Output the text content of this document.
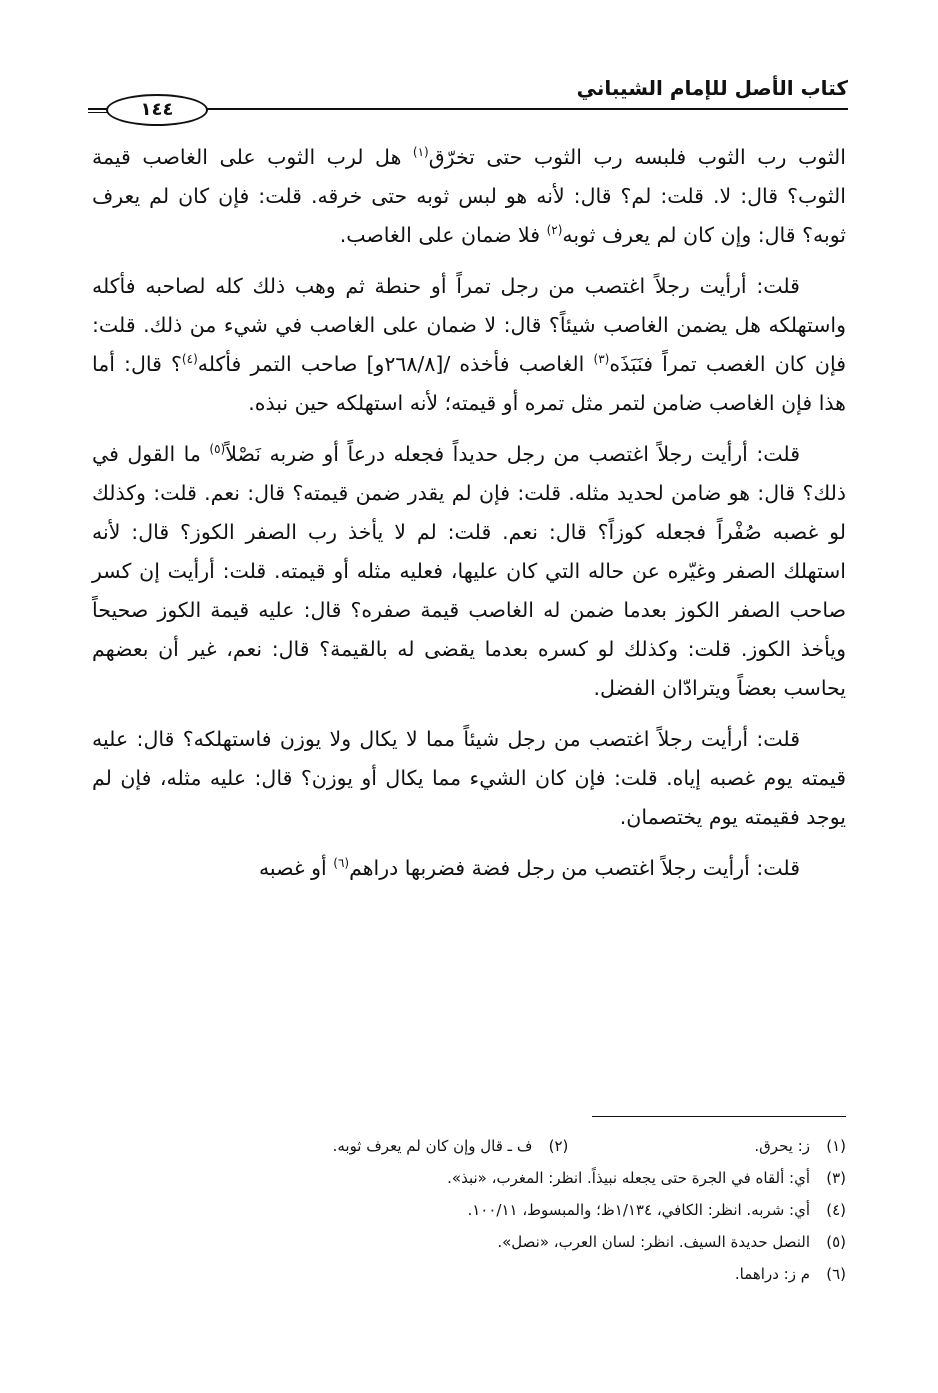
كتاب الأصل للإمام الشيباني
١٤٤

الثوب رب الثوب فلبسه رب الثوب حتى تخرّق$^{(١)}$ هل لرب الثوب على الغاصب قيمة الثوب؟ قال: لا. قلت: لم؟ قال: لأنه هو لبس ثوبه حتى خرقه. قلت: فإن كان لم يعرف ثوبه؟ قال: وإن كان لم يعرف ثوبه$^{(٢)}$ فلا ضمان على الغاصب.

قلت: أرأيت رجلاً اغتصب من رجل تمراً أو حنطة ثم وهب ذلك كله لصاحبه فأكله واستهلكه هل يضمن الغاصب شيئاً؟ قال: لا ضمان على الغاصب في شيء من ذلك. قلت: فإن كان الغصب تمراً فنَبَذَه$^{(٣)}$ الغاصب فأخذه /[٢٦٨/٨و] صاحب التمر فأكله$^{(٤)}$؟ قال: أما هذا فإن الغاصب ضامن لتمر مثل تمره أو قيمته؛ لأنه استهلكه حين نبذه.

قلت: أرأيت رجلاً اغتصب من رجل حديداً فجعله درعاً أو ضربه نَصْلاً$^{(٥)}$ ما القول في ذلك؟ قال: هو ضامن لحديد مثله. قلت: فإن لم يقدر ضمن قيمته؟ قال: نعم. قلت: وكذلك لو غصبه صُفْراً فجعله كوزاً؟ قال: نعم. قلت: لم لا يأخذ رب الصفر الكوز؟ قال: لأنه استهلك الصفر وغيّره عن حاله التي كان عليها، فعليه مثله أو قيمته. قلت: أرأيت إن كسر صاحب الصفر الكوز بعدما ضمن له الغاصب قيمة صفره؟ قال: عليه قيمة الكوز صحيحاً ويأخذ الكوز. قلت: وكذلك لو كسره بعدما يقضى له بالقيمة؟ قال: نعم، غير أن بعضهم يحاسب بعضاً ويترادّان الفضل.

قلت: أرأيت رجلاً اغتصب من رجل شيئاً مما لا يكال ولا يوزن فاستهلكه؟ قال: عليه قيمته يوم غصبه إياه. قلت: فإن كان الشيء مما يكال أو يوزن؟ قال: عليه مثله، فإن لم يوجد فقيمته يوم يختصمان.

قلت: أرأيت رجلاً اغتصب من رجل فضة فضربها دراهم$^{(٦)}$ أو غصبه

(١)
ز: يحرق.
(٢)
ف ـ قال وإن كان لم يعرف ثوبه.
(٣)
أي: ألقاه في الجرة حتى يجعله نبيذاً. انظر: المغرب، «نبذ».
(٤)
أي: شربه. انظر: الكافي، ١/١٣٤ظ؛ والمبسوط، ١٠٠/١١.
(٥)
النصل حديدة السيف. انظر: لسان العرب، «نصل».
(٦)
م ز: دراهما.
